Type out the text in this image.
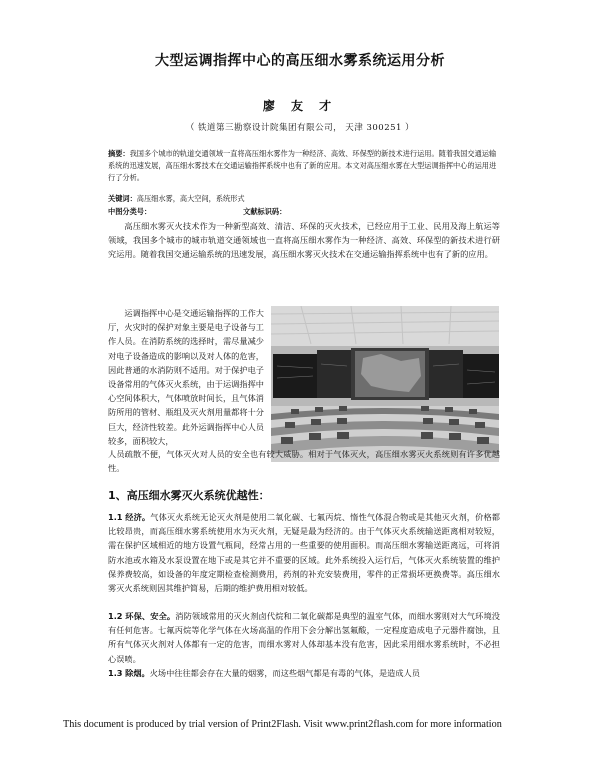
大型运调指挥中心的高压细水雾系统运用分析
廖 友 才
（ 铁道第三勘察设计院集团有限公司， 天津 300251 ）
摘要：我国多个城市的轨道交通领域一直将高压细水雾作为一种经济、高效、环保型的新技术进行运用。随着我国交通运输系统的迅速发展，高压细水雾技术在交通运输指挥系统中也有了新的应用。本文对高压细水雾在大型运调指挥中心的运用进行了分析。
关键词：高压细水雾，高大空间，系统形式
中图分类号：	文献标识码：
高压细水雾灭火技术作为一种新型高效、清洁、环保的灭火技术，已经应用于工业、民用及海上航运等领域，我国多个城市的城市轨道交通领域也一直将高压细水雾作为一种经济、高效、环保型的新技术进行研究运用。随着我国交通运输系统的迅速发展，高压细水雾灭火技术在交通运输指挥系统中也有了新的应用。
运调指挥中心是交通运输指挥的工作大厅，火灾时的保护对象主要是电子设备与工作人员。在消防系统的选择时，需尽量减少对电子设备造成的影响以及对人体的危害，因此普通的水消防则不适用。对于保护电子设备常用的气体灭火系统，由于运调指挥中心空间体积大，气体喷放时间长，且气体消防所用的管材、瓶组及灭火剂用量都将十分巨大，经济性较差。此外运调指挥中心人员较多，面积较大，
人员疏散不便，气体灭火对人员的安全也有较大威胁。相对于气体灭火，高压细水雾灭火系统则有许多优越性。
1、高压细水雾灭火系统优越性：
1.1 经济。气体灭火系统无论灭火剂是使用二氧化碳、七氟丙烷、惰性气体混合物或是其他灭火剂，价格都比较昂贵，而高压细水雾系统使用水为灭火剂，无疑是最为经济的。由于气体灭火系统输送距离相对较短，需在保护区域相近的地方设置气瓶间，经常占用的一些重要的使用面积。而高压细水雾输送距离远，可将消防水池或水箱及水泵设置在地下或是其它并不重要的区域。此外系统投入运行后，气体灭火系统装置的维护保养费较高，如设备的年度定期检查检测费用，药剂的补充安装费用，零件的正常损坏更换费等。高压细水雾灭火系统则因其维护简易，后期的维护费用相对较低。
1.2 环保、安全。消防领域常用的灭火剂卤代烷和二氧化碳都是典型的温室气体，而细水雾则对大气环境没有任何危害。七氟丙烷等化学气体在火场高温的作用下会分解出氢氟酸，一定程度造成电子元器件腐蚀，且所有气体灭火剂对人体都有一定的危害，而细水雾对人体却基本没有危害，因此采用细水雾系统时，不必担心误喷。
1.3 除烟。火场中往往都会存在大量的烟雾，而这些烟气都是有毒的气体，是造成人员
This document is produced by trial version of Print2Flash. Visit www.print2flash.com for more information
